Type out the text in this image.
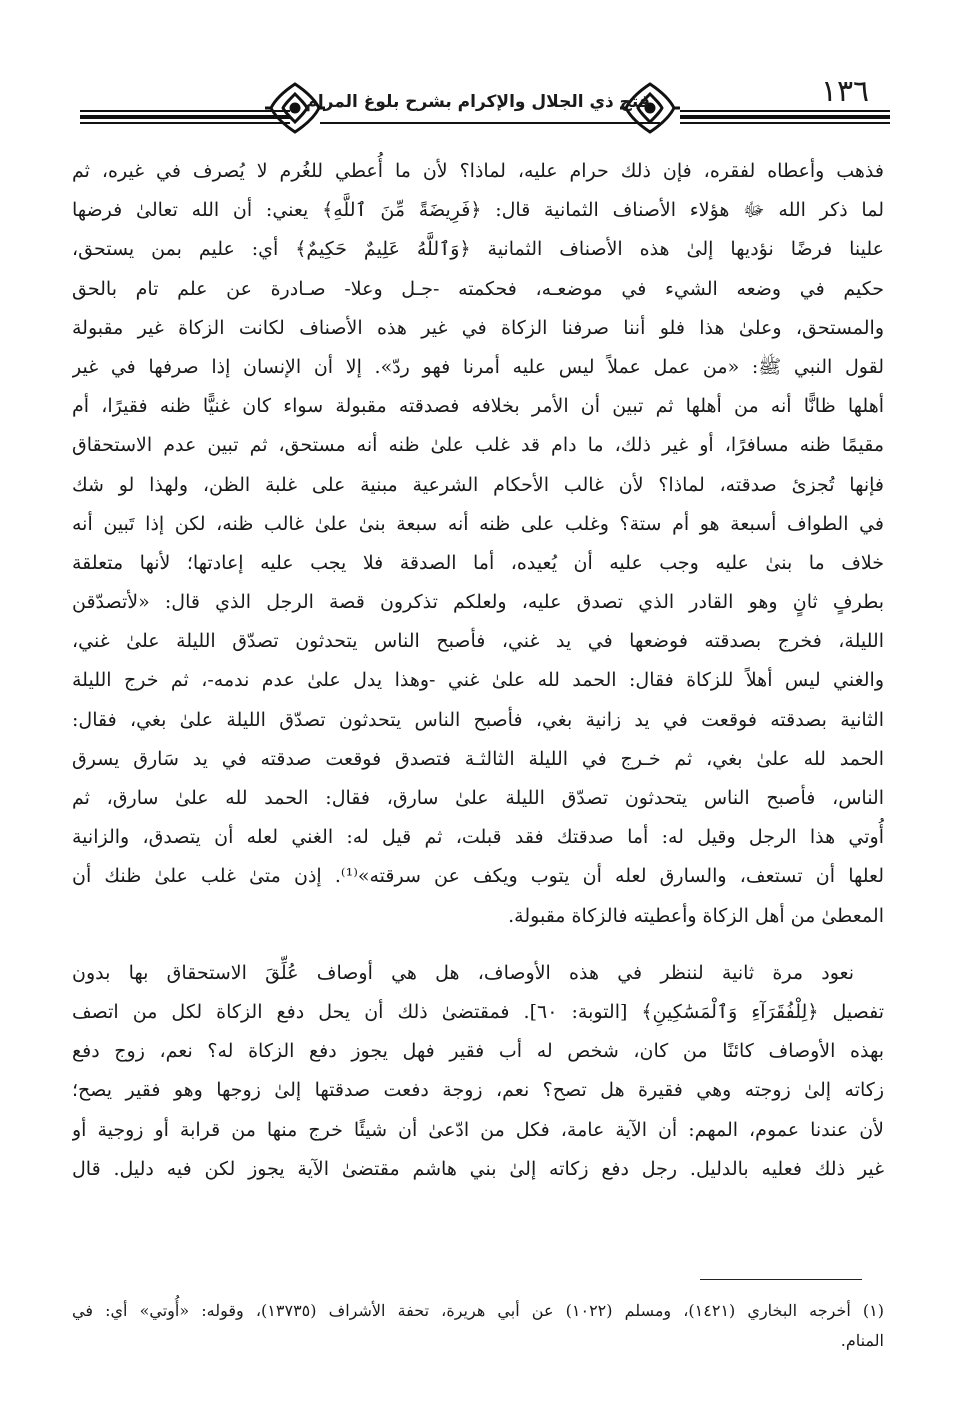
فتح ذي الجلال والإكرام بشرح بلوغ المرام	١٣٦
فذهب وأعطاه لفقره، فإن ذلك حرام عليه، لماذا؟ لأن ما أُعطي للغُرم لا يُصرف في غيره، ثم
لما ذكر الله ﷻ هؤلاء الأصناف الثمانية قال: ﴿فَرِيضَةً مِّنَ ٱللَّهِ﴾ يعني: أن الله تعالىٰ فرضها
علينا فرضًا نؤديها إلىٰ هذه الأصناف الثمانية ﴿وَٱللَّهُ عَلِيمٌ حَكِيمٌ﴾ أي: عليم بمن يستحق،
حكيم في وضعه الشيء في موضعـه، فحكمته -جـل وعلا- صـادرة عن علم تام بالحق
والمستحق، وعلىٰ هذا فلو أننا صرفنا الزكاة في غير هذه الأصناف لكانت الزكاة غير مقبولة
لقول النبي ﷺ: «من عمل عملاً ليس عليه أمرنا فهو ردّ». إلا أن الإنسان إذا صرفها في غير
أهلها ظانًّا أنه من أهلها ثم تبين أن الأمر بخلافه فصدقته مقبولة سواء كان غنيًّا ظنه فقيرًا، أم
مقيمًا ظنه مسافرًا، أو غير ذلك، ما دام قد غلب علىٰ ظنه أنه مستحق، ثم تبين عدم الاستحقاق
فإنها تُجزئ صدقته، لماذا؟ لأن غالب الأحكام الشرعية مبنية على غلبة الظن، ولهذا لو شك
في الطواف أسبعة هو أم ستة؟ وغلب على ظنه أنه سبعة بنىٰ علىٰ غالب ظنه، لكن إذا تَبين أنه
خلاف ما بنىٰ عليه وجب عليه أن يُعيده، أما الصدقة فلا يجب عليه إعادتها؛ لأنها متعلقة
بطرفٍ ثانٍ وهو القادر الذي تصدق عليه، ولعلكم تذكرون قصة الرجل الذي قال: «لأتصدّقن
الليلة، فخرج بصدقته فوضعها في يد غني، فأصبح الناس يتحدثون تصدّق الليلة علىٰ غني،
والغني ليس أهلاً للزكاة فقال: الحمد لله علىٰ غني -وهذا يدل علىٰ عدم ندمه-، ثم خرج الليلة
الثانية بصدقته فوقعت في يد زانية بغي، فأصبح الناس يتحدثون تصدّق الليلة علىٰ بغي، فقال:
الحمد لله علىٰ بغي، ثم خـرج في الليلة الثالثـة فتصدق فوقعت صدقته في يد سَارق يسرق
الناس، فأصبح الناس يتحدثون تصدّق الليلة علىٰ سارق، فقال: الحمد لله علىٰ سارق، ثم
أُوتي هذا الرجل وقيل له: أما صدقتك فقد قبلت، ثم قيل له: الغني لعله أن يتصدق، والزانية
لعلها أن تستعف، والسارق لعله أن يتوب ويكف عن سرقته»⁽¹⁾. إذن متىٰ غلب علىٰ ظنك أن
المعطىٰ من أهل الزكاة وأعطيته فالزكاة مقبولة.
نعود مرة ثانية لننظر في هذه الأوصاف، هل هي أوصاف عُلِّقَ الاستحقاق بها بدون
تفصيل ﴿لِلْفُقَرَآءِ وَٱلْمَسَٰكِينِ﴾ [التوبة: ٦٠]. فمقتضىٰ ذلك أن يحل دفع الزكاة لكل من اتصف
بهذه الأوصاف كائنًا من كان، شخص له أب فقير فهل يجوز دفع الزكاة له؟ نعم، زوج دفع
زكاته إلىٰ زوجته وهي فقيرة هل تصح؟ نعم، زوجة دفعت صدقتها إلىٰ زوجها وهو فقير يصح؛
لأن عندنا عموم، المهم: أن الآية عامة، فكل من ادّعىٰ أن شيئًا خرج منها من قرابة أو زوجية أو
غير ذلك فعليه بالدليل. رجل دفع زكاته إلىٰ بني هاشم مقتضىٰ الآية يجوز لكن فيه دليل. قال
(١) أخرجه البخاري (١٤٢١)، ومسلم (١٠٢٢) عن أبي هريرة، تحفة الأشراف (١٣٧٣٥)، وقوله: «أُوتي» أي: في
المنام.
